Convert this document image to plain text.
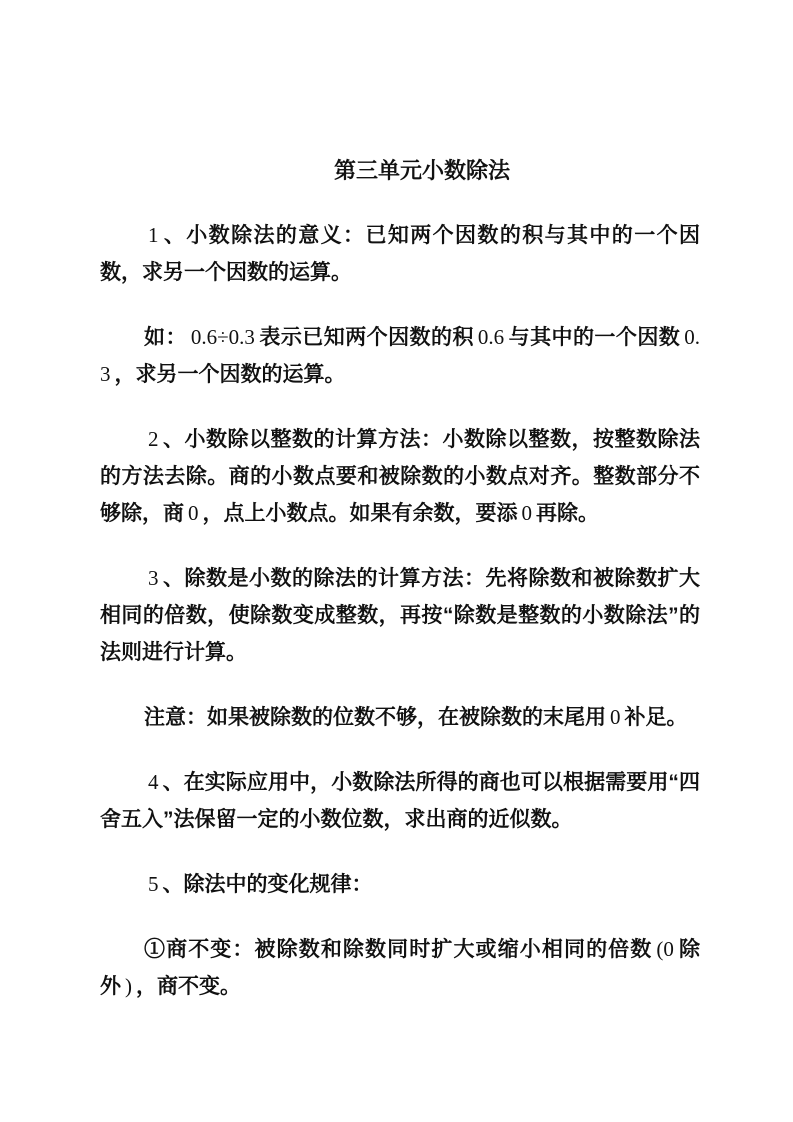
第三单元小数除法

1 、小数除法的意义：已知两个因数的积与其中的一个因数，求另一个因数的运算。

如： 0.6÷0.3 表示已知两个因数的积 0.6 与其中的一个因数 0.3 ，求另一个因数的运算。

2 、小数除以整数的计算方法：小数除以整数，按整数除法的方法去除。商的小数点要和被除数的小数点对齐。整数部分不够除，商 0 ，点上小数点。如果有余数，要添 0 再除。

3 、除数是小数的除法的计算方法：先将除数和被除数扩大相同的倍数，使除数变成整数，再按“除数是整数的小数除法”的法则进行计算。

注意：如果被除数的位数不够，在被除数的末尾用 0 补足。

4 、在实际应用中，小数除法所得的商也可以根据需要用“四舍五入”法保留一定的小数位数，求出商的近似数。

5 、除法中的变化规律：

①商不变：被除数和除数同时扩大或缩小相同的倍数 (0 除外 ) ，商不变。
